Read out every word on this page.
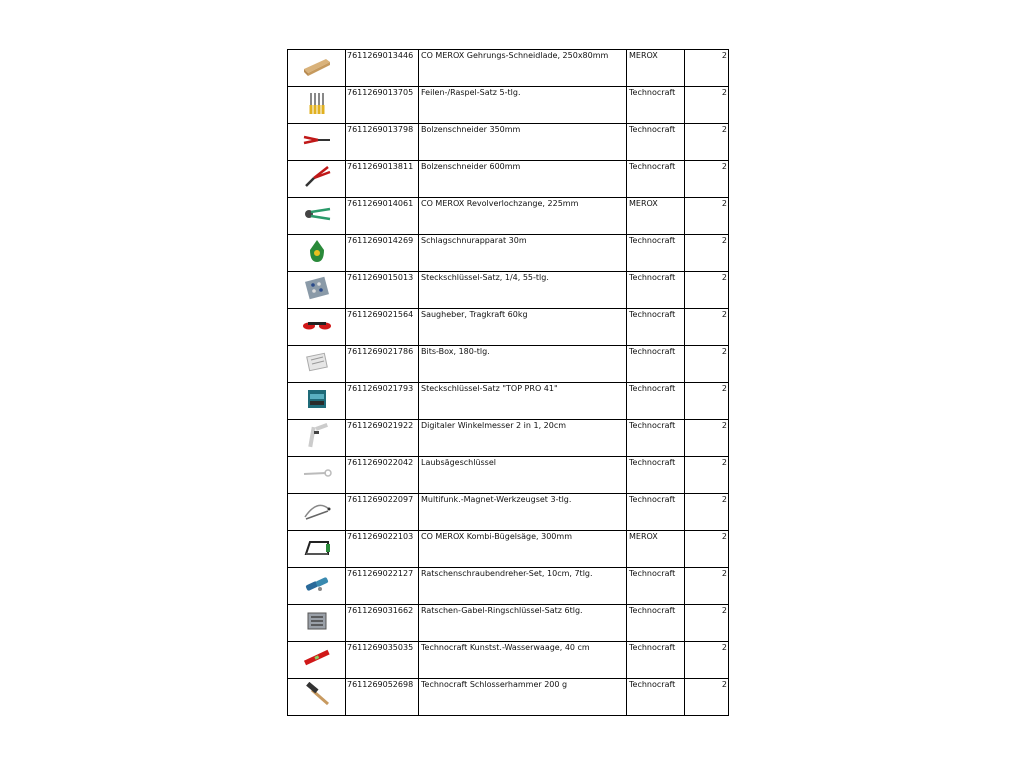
	7611269013446	CO MEROX Gehrungs-Schneidlade, 250x80mm	MEROX	2

	7611269013705	Feilen-/Raspel-Satz 5-tlg.	Technocraft	2

	7611269013798	Bolzenschneider 350mm	Technocraft	2

	7611269013811	Bolzenschneider 600mm	Technocraft	2

	7611269014061	CO MEROX Revolverlochzange, 225mm	MEROX	2

	7611269014269	Schlagschnurapparat 30m	Technocraft	2

	7611269015013	Steckschlüssel-Satz, 1/4, 55-tlg.	Technocraft	2

	7611269021564	Saugheber, Tragkraft 60kg	Technocraft	2

	7611269021786	Bits-Box, 180-tlg.	Technocraft	2

	7611269021793	Steckschlüssel-Satz "TOP PRO 41"	Technocraft	2

	7611269021922	Digitaler Winkelmesser 2 in 1, 20cm	Technocraft	2

	7611269022042	Laubsägeschlüssel	Technocraft	2

	7611269022097	Multifunk.-Magnet-Werkzeugset 3-tlg.	Technocraft	2

	7611269022103	CO MEROX Kombi-Bügelsäge, 300mm	MEROX	2

	7611269022127	Ratschenschraubendreher-Set, 10cm, 7tlg.	Technocraft	2

	7611269031662	Ratschen-Gabel-Ringschlüssel-Satz 6tlg.	Technocraft	2

	7611269035035	Technocraft Kunstst.-Wasserwaage, 40 cm	Technocraft	2

	7611269052698	Technocraft Schlosserhammer 200 g	Technocraft	2
